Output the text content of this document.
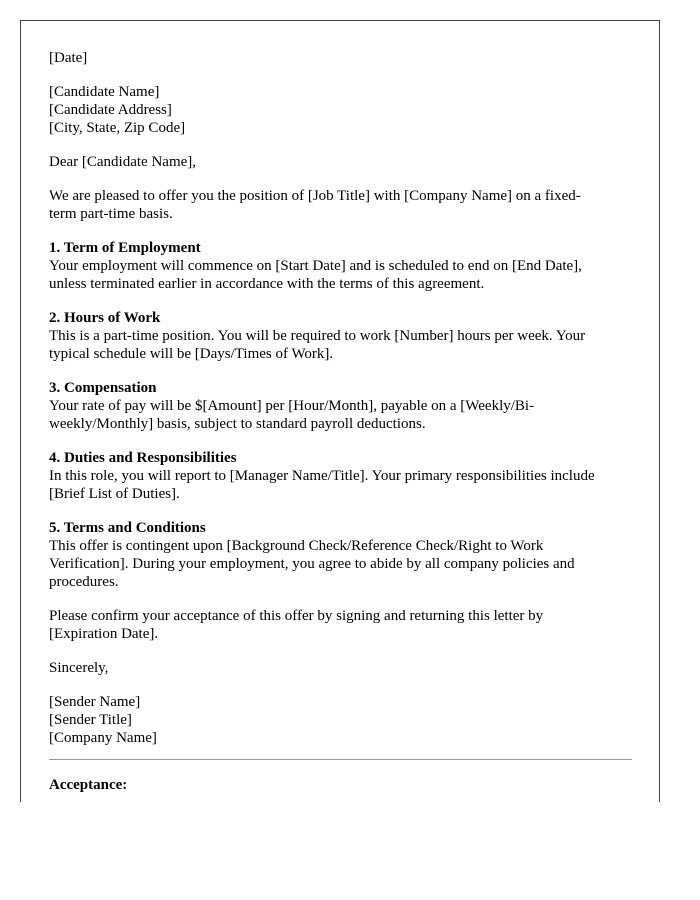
[Date]
[Candidate Name]
[Candidate Address]
[City, State, Zip Code]
Dear [Candidate Name],
We are pleased to offer you the position of [Job Title] with [Company Name] on a fixed-
term part-time basis.
1. Term of Employment
Your employment will commence on [Start Date] and is scheduled to end on [End Date],
unless terminated earlier in accordance with the terms of this agreement.
2. Hours of Work
This is a part-time position. You will be required to work [Number] hours per week. Your
typical schedule will be [Days/Times of Work].
3. Compensation
Your rate of pay will be $[Amount] per [Hour/Month], payable on a [Weekly/Bi-
weekly/Monthly] basis, subject to standard payroll deductions.
4. Duties and Responsibilities
In this role, you will report to [Manager Name/Title]. Your primary responsibilities include
[Brief List of Duties].
5. Terms and Conditions
This offer is contingent upon [Background Check/Reference Check/Right to Work
Verification]. During your employment, you agree to abide by all company policies and
procedures.
Please confirm your acceptance of this offer by signing and returning this letter by
[Expiration Date].
Sincerely,
[Sender Name]
[Sender Title]
[Company Name]

Acceptance:
